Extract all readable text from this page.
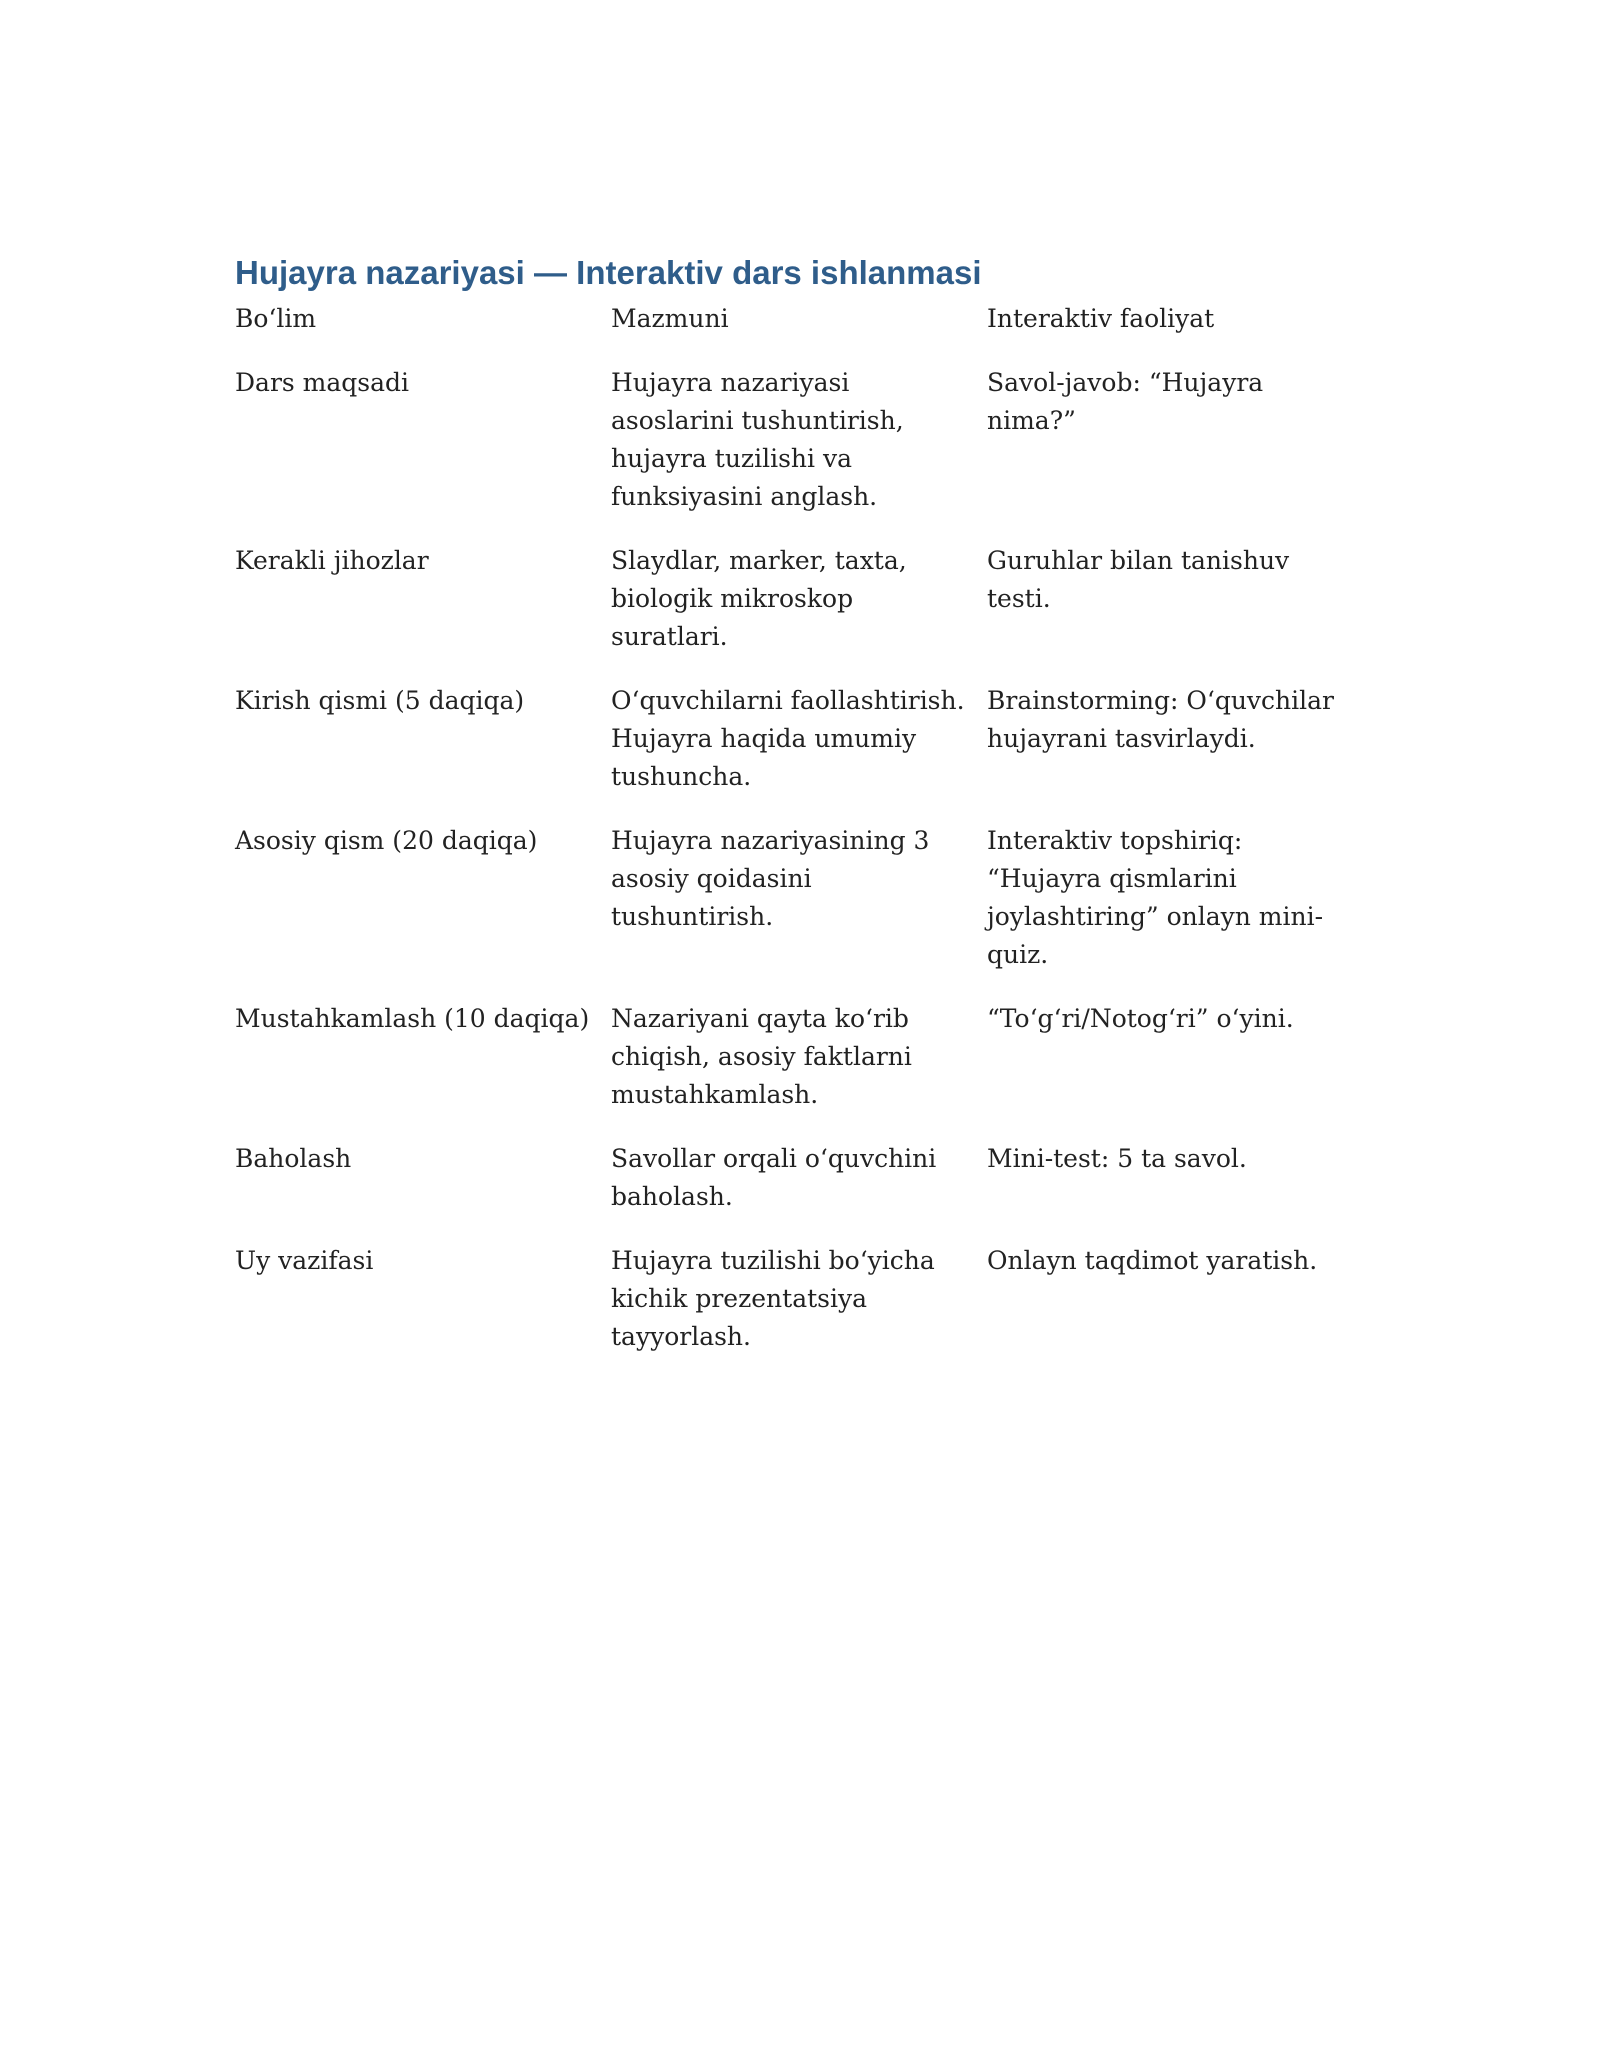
Hujayra nazariyasi — Interaktiv dars ishlanmasi
Bo‘lim	Mazmuni	Interaktiv faoliyat
Dars maqsadi	Hujayra nazariyasi asoslarini tushuntirish, hujayra tuzilishi va funksiyasini anglash.	Savol-javob: “Hujayra nima?”
Kerakli jihozlar	Slaydlar, marker, taxta, biologik mikroskop suratlari.	Guruhlar bilan tanishuv testi.
Kirish qismi (5 daqiqa)	O‘quvchilarni faollashtirish. Hujayra haqida umumiy tushuncha.	Brainstorming: O‘quvchilar hujayrani tasvirlaydi.
Asosiy qism (20 daqiqa)	Hujayra nazariyasining 3 asosiy qoidasini tushuntirish.	Interaktiv topshiriq: “Hujayra qismlarini joylashtiring” onlayn mini-quiz.
Mustahkamlash (10 daqiqa)	Nazariyani qayta ko‘rib chiqish, asosiy faktlarni mustahkamlash.	“To‘g‘ri/Notog‘ri” o‘yini.
Baholash	Savollar orqali o‘quvchini baholash.	Mini-test: 5 ta savol.
Uy vazifasi	Hujayra tuzilishi bo‘yicha kichik prezentatsiya tayyorlash.	Onlayn taqdimot yaratish.
